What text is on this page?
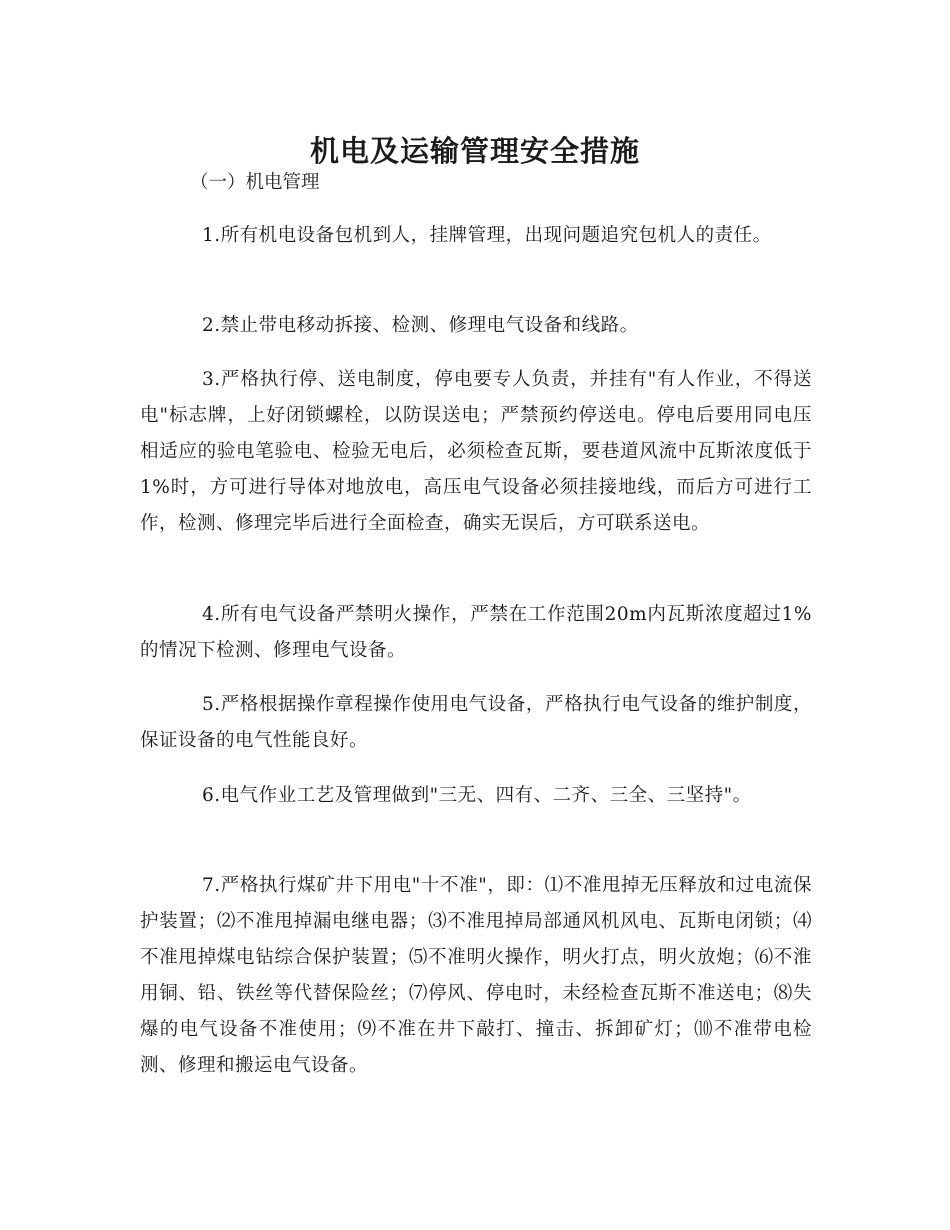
机电及运输管理安全措施
（一）机电管理

1.所有机电设备包机到人，挂牌管理，出现问题追究包机人的责任。

2.禁止带电移动拆接、检测、修理电气设备和线路。

3.严格执行停、送电制度，停电要专人负责，并挂有"有人作业，不得送电"标志牌，上好闭锁螺栓，以防误送电；严禁预约停送电。停电后要用同电压相适应的验电笔验电、检验无电后，必须检查瓦斯，要巷道风流中瓦斯浓度低于1%时，方可进行导体对地放电，高压电气设备必须挂接地线，而后方可进行工作，检测、修理完毕后进行全面检查，确实无误后，方可联系送电。

4.所有电气设备严禁明火操作，严禁在工作范围20m内瓦斯浓度超过1%的情况下检测、修理电气设备。

5.严格根据操作章程操作使用电气设备，严格执行电气设备的维护制度，保证设备的电气性能良好。

6.电气作业工艺及管理做到"三无、四有、二齐、三全、三坚持"。

7.严格执行煤矿井下用电"十不准"，即：⑴不准甩掉无压释放和过电流保护装置；⑵不准甩掉漏电继电器；⑶不准甩掉局部通风机风电、瓦斯电闭锁；⑷不准甩掉煤电钻综合保护装置；⑸不准明火操作，明火打点，明火放炮；⑹不淮用铜、铅、铁丝等代替保险丝；⑺停风、停电时，未经检查瓦斯不准送电；⑻失爆的电气设备不准使用；⑼不准在井下敲打、撞击、拆卸矿灯；⑽不准带电检测、修理和搬运电气设备。
